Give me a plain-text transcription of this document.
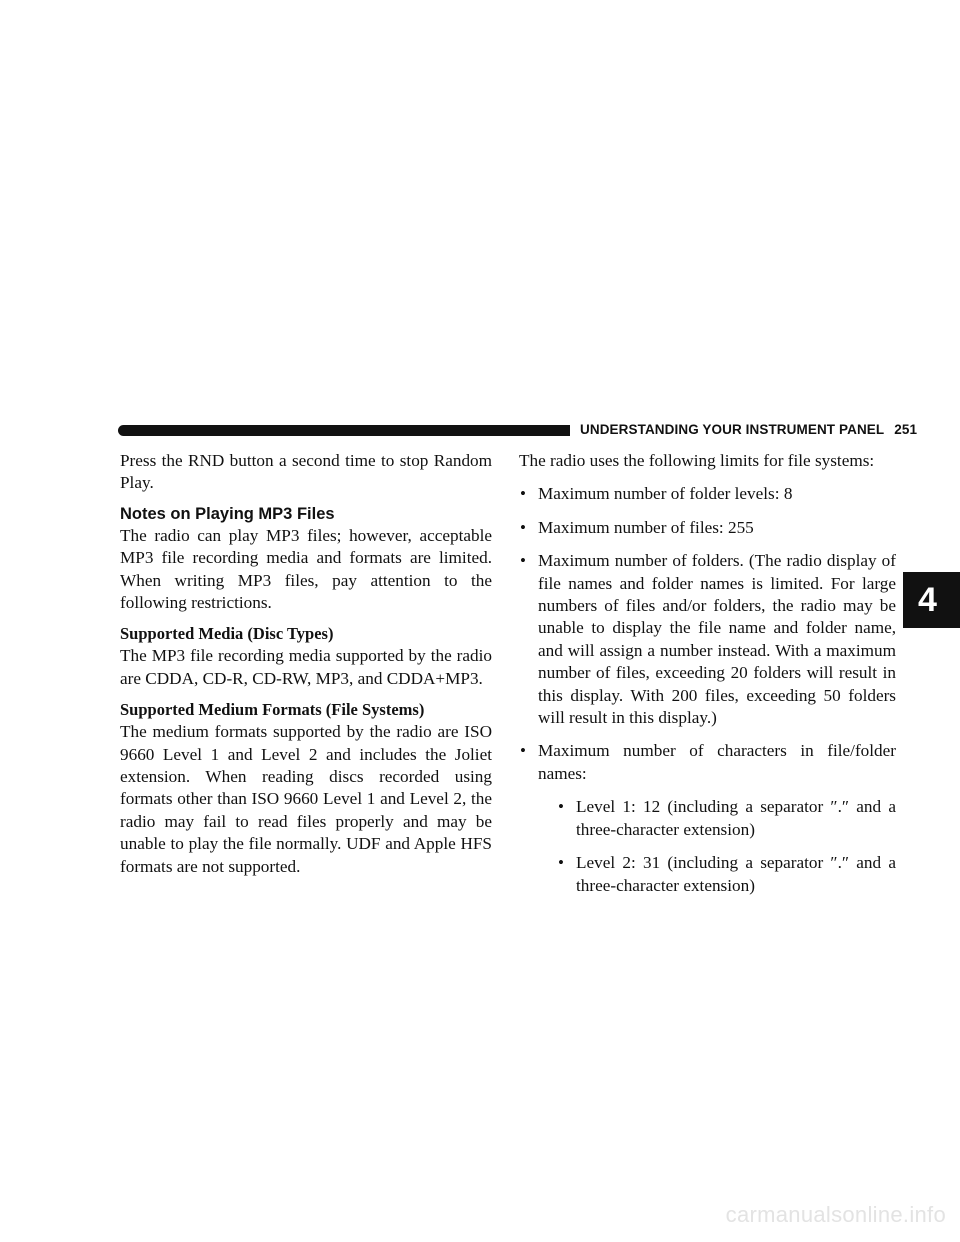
UNDERSTANDING YOUR INSTRUMENT PANEL 251
4

Press the RND button a second time to stop Random Play.

Notes on Playing MP3 Files

The radio can play MP3 files; however, acceptable MP3 file recording media and formats are limited. When writing MP3 files, pay attention to the following restrictions.

Supported Media (Disc Types)

The MP3 file recording media supported by the radio are CDDA, CD-R, CD-RW, MP3, and CDDA+MP3.

Supported Medium Formats (File Systems)

The medium formats supported by the radio are ISO 9660 Level 1 and Level 2 and includes the Joliet extension. When reading discs recorded using formats other than ISO 9660 Level 1 and Level 2, the radio may fail to read files properly and may be unable to play the file normally. UDF and Apple HFS formats are not supported.

The radio uses the following limits for file systems:

• Maximum number of folder levels: 8

• Maximum number of files: 255

• Maximum number of folders. (The radio display of file names and folder names is limited. For large numbers of files and/or folders, the radio may be unable to display the file name and folder name, and will assign a number instead. With a maximum number of files, exceeding 20 folders will result in this display. With 200 files, exceeding 50 folders will result in this display.)

• Maximum number of characters in file/folder names:

• Level 1: 12 (including a separator ″.″ and a three-character extension)

• Level 2: 31 (including a separator ″.″ and a three-character extension)

carmanualsonline.info
